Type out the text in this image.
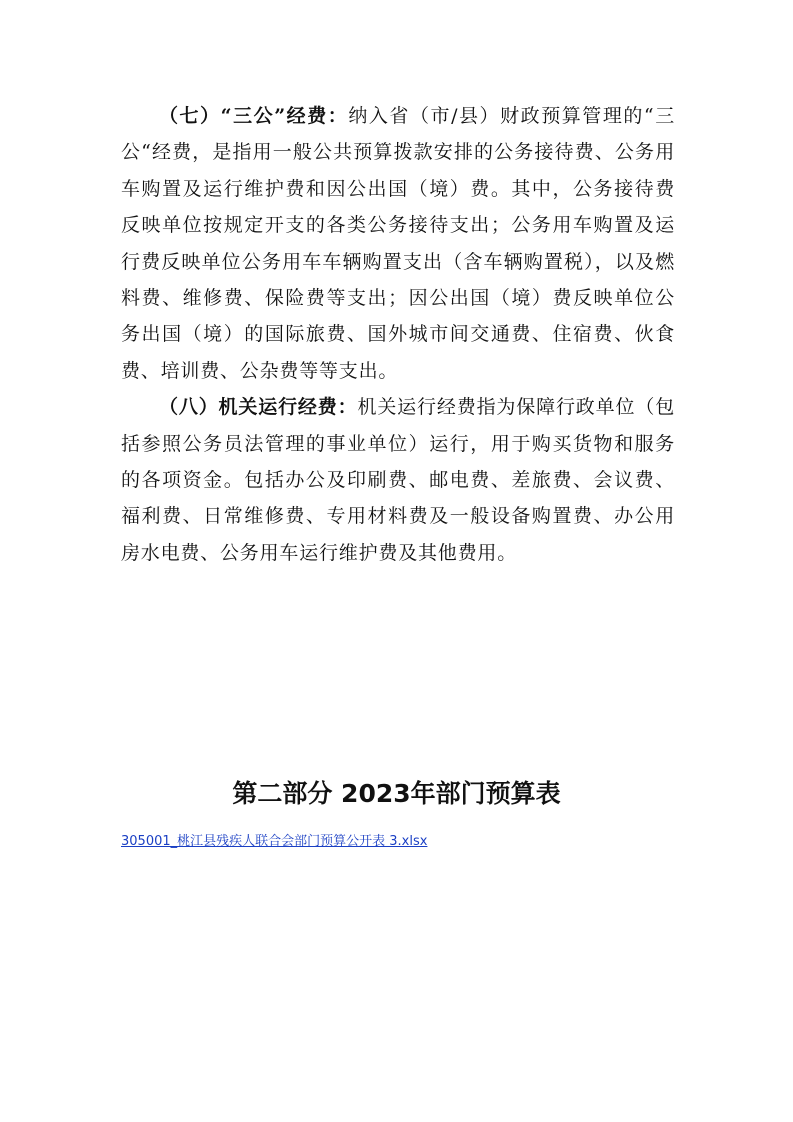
（七）“三公”经费：纳入省（市/县）财政预算管理的“三公“经费，是指用一般公共预算拨款安排的公务接待费、公务用车购置及运行维护费和因公出国（境）费。其中，公务接待费反映单位按规定开支的各类公务接待支出；公务用车购置及运行费反映单位公务用车车辆购置支出（含车辆购置税），以及燃料费、维修费、保险费等支出；因公出国（境）费反映单位公务出国（境）的国际旅费、国外城市间交通费、住宿费、伙食费、培训费、公杂费等等支出。

（八）机关运行经费：机关运行经费指为保障行政单位（包括参照公务员法管理的事业单位）运行，用于购买货物和服务的各项资金。包括办公及印刷费、邮电费、差旅费、会议费、福利费、日常维修费、专用材料费及一般设备购置费、办公用房水电费、公务用车运行维护费及其他费用。

第二部分 2023年部门预算表
305001_桃江县残疾人联合会部门预算公开表 3.xlsx
